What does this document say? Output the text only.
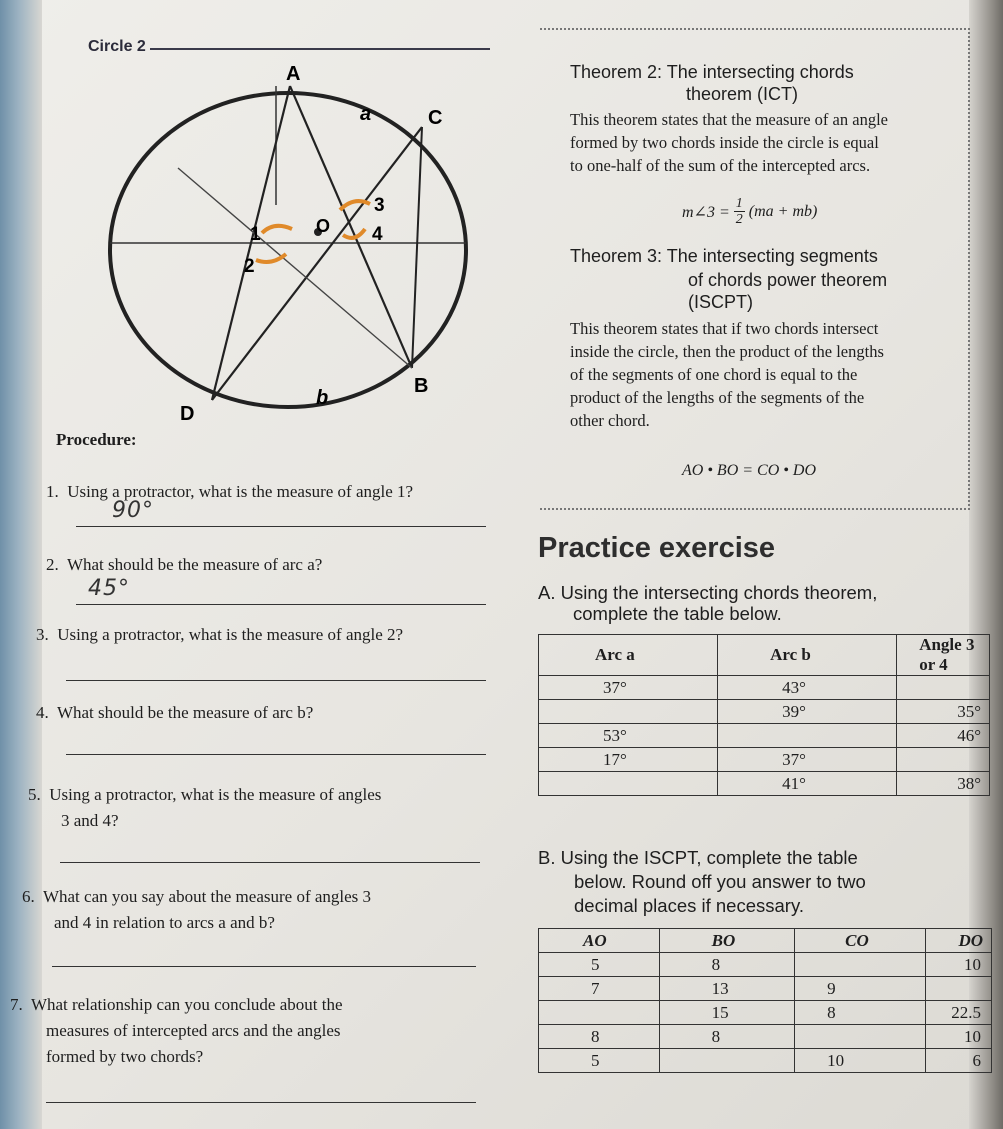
Circle 2
A
C
B
D
O
a
b
1
2
3
4
Theorem 2: The intersecting chords
theorem (ICT)
This theorem states that the measure of an angle
formed by two chords inside the circle is equal
to one-half of the sum of the intercepted arcs.
m∠3 = $\frac{1}{2} (ma + mb)$
Theorem 3: The intersecting segments
of chords power theorem
(ISCPT)
This theorem states that if two chords intersect
inside the circle, then the product of the lengths
of the segments of one chord is equal to the
product of the lengths of the segments of the
other chord.
AO • BO = CO • DO
Procedure:
1. Using a protractor, what is the measure of angle 1?
90°
2. What should be the measure of arc a?
45°
3. Using a protractor, what is the measure of angle 2?
4. What should be the measure of arc b?
5. Using a protractor, what is the measure of angles
3 and 4?
6. What can you say about the measure of angles 3
and 4 in relation to arcs a and b?
7. What relationship can you conclude about the
measures of intercepted arcs and the angles
formed by two chords?
Practice exercise
A. Using the intersecting chords theorem,
complete the table below.
Arc a	Arc b	Angle 3 or 4
37°	43°	
	39°	35°
53°		46°
17°	37°	
	41°	38°
B. Using the ISCPT, complete the table
below. Round off you answer to two
decimal places if necessary.
AO	BO	CO	DO
5	8		10
7	13	9	
	15	8	22.5
8	8		10
5		10	6
